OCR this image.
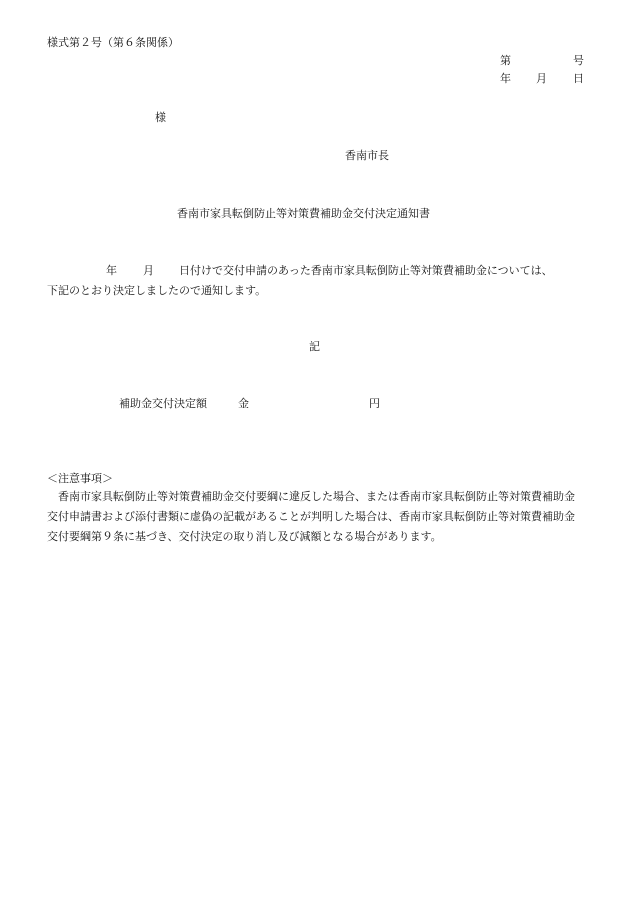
様式第２号（第６条関係）
第	号
年 月 日
様
香南市長
香南市家具転倒防止等対策費補助金交付決定通知書
年 月 日付けで交付申請のあった香南市家具転倒防止等対策費補助金については、
下記のとおり決定しましたので通知します。
記
補助金交付決定額	金	円
＜注意事項＞
香南市家具転倒防止等対策費補助金交付要綱に違反した場合、または香南市家具転倒防止等対策費補助金交付申請書および添付書類に虚偽の記載があることが判明した場合は、香南市家具転倒防止等対策費補助金交付要綱第９条に基づき、交付決定の取り消し及び減額となる場合があります。
